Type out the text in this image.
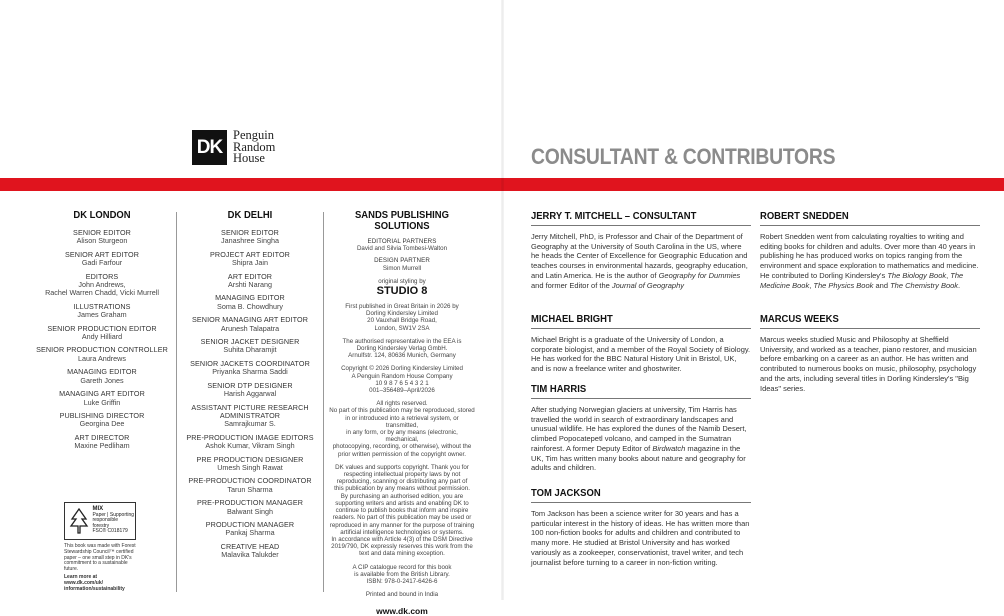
DK
Penguin
Random
House	CONSULTANT & CONTRIBUTORS
DK LONDON
SENIOR EDITOR
Alison Sturgeon
SENIOR ART EDITOR
Gadi Farfour
EDITORS
John Andrews,
Rachel Warren Chadd, Vicki Murrell
ILLUSTRATIONS
James Graham
SENIOR PRODUCTION EDITOR
Andy Hilliard
SENIOR PRODUCTION CONTROLLER
Laura Andrews
MANAGING EDITOR
Gareth Jones
MANAGING ART EDITOR
Luke Griffin
PUBLISHING DIRECTOR
Georgina Dee
ART DIRECTOR
Maxine Pedliham
DK DELHI
SENIOR EDITOR
Janashree Singha
PROJECT ART EDITOR
Shipra Jain
ART EDITOR
Arshti Narang
MANAGING EDITOR
Soma B. Chowdhury
SENIOR MANAGING ART EDITOR
Arunesh Talapatra
SENIOR JACKET DESIGNER
Suhita Dharamjit
SENIOR JACKETS COORDINATOR
Priyanka Sharma Saddi
SENIOR DTP DESIGNER
Harish Aggarwal
ASSISTANT PICTURE RESEARCH
ADMINISTRATOR
Samrajkumar S.
PRE-PRODUCTION IMAGE EDITORS
Ashok Kumar, Vikram Singh
PRE PRODUCTION DESIGNER
Umesh Singh Rawat
PRE-PRODUCTION COORDINATOR
Tarun Sharma
PRE-PRODUCTION MANAGER
Balwant Singh
PRODUCTION MANAGER
Pankaj Sharma
CREATIVE HEAD
Malavika Talukder
SANDS PUBLISHING
SOLUTIONS
EDITORIAL PARTNERS
David and Silvia Tombesi-Walton
DESIGN PARTNER
Simon Murrell
original styling by
STUDIO 8
First published in Great Britain in 2026 by
Dorling Kindersley Limited
20 Vauxhall Bridge Road,
London, SW1V 2SA
The authorised representative in the EEA is
Dorling Kindersley Verlag GmbH.
Arnulfstr. 124, 80636 Munich, Germany
Copyright © 2026 Dorling Kindersley Limited
A Penguin Random House Company
10 9 8 7 6 5 4 3 2 1
001–356489–April/2026
All rights reserved.
No part of this publication may be reproduced, stored
in or introduced into a retrieval system, or transmitted,
in any form, or by any means (electronic, mechanical,
photocopying, recording, or otherwise), without the
prior written permission of the copyright owner.
DK values and supports copyright. Thank you for
respecting intellectual property laws by not
reproducing, scanning or distributing any part of
this publication by any means without permission.
By purchasing an authorised edition, you are
supporting writers and artists and enabling DK to
continue to publish books that inform and inspire
readers. No part of this publication may be used or
reproduced in any manner for the purpose of training
artificial intelligence technologies or systems.
In accordance with Article 4(3) of the DSM Directive
2019/790, DK expressly reserves this work from the
text and data mining exception.
A CIP catalogue record for this book
is available from the British Library.
ISBN: 978-0-2417-6426-6
Printed and bound in India
www.dk.com
MIX
Paper | Supporting
responsible forestry
FSC® C018179
This book was made with Forest
Stewardship Council™ certified
paper – one small step in DK's
commitment to a sustainable future.
Learn more at www.dk.com/uk/
information/sustainability
JERRY T. MITCHELL – CONSULTANT
Jerry Mitchell, PhD, is Professor and Chair of the Department of Geography at the University of South Carolina in the US, where he heads the Center of Excellence for Geographic Education and teaches courses in environmental hazards, geography education, and Latin America. He is the author of Geography for Dummies and former Editor of the Journal of Geography
MICHAEL BRIGHT
Michael Bright is a graduate of the University of London, a corporate biologist, and a member of the Royal Society of Biology. He has worked for the BBC Natural History Unit in Bristol, UK, and is now a freelance writer and ghostwriter.
TIM HARRIS
After studying Norwegian glaciers at university, Tim Harris has travelled the world in search of extraordinary landscapes and unusual wildlife. He has explored the dunes of the Namib Desert, climbed Popocatepetl volcano, and camped in the Sumatran rainforest. A former Deputy Editor of Birdwatch magazine in the UK, Tim has written many books about nature and geography for adults and children.
TOM JACKSON
Tom Jackson has been a science writer for 30 years and has a particular interest in the history of ideas. He has written more than 100 non-fiction books for adults and children and contributed to many more. He studied at Bristol University and has worked variously as a zookeeper, conservationist, travel writer, and tech journalist before turning to a career in non-fiction writing.
ROBERT SNEDDEN
Robert Snedden went from calculating royalties to writing and editing books for children and adults. Over more than 40 years in publishing he has produced works on topics ranging from the environment and space exploration to mathematics and medicine. He contributed to Dorling Kindersley's The Biology Book, The Medicine Book, The Physics Book and The Chemistry Book.
MARCUS WEEKS
Marcus weeks studied Music and Philosophy at Sheffield University, and worked as a teacher, piano restorer, and musician before embarking on a career as an author. He has written and contributed to numerous books on music, philosophy, psychology and the arts, including several titles in Dorling Kindersley's "Big Ideas" series.
